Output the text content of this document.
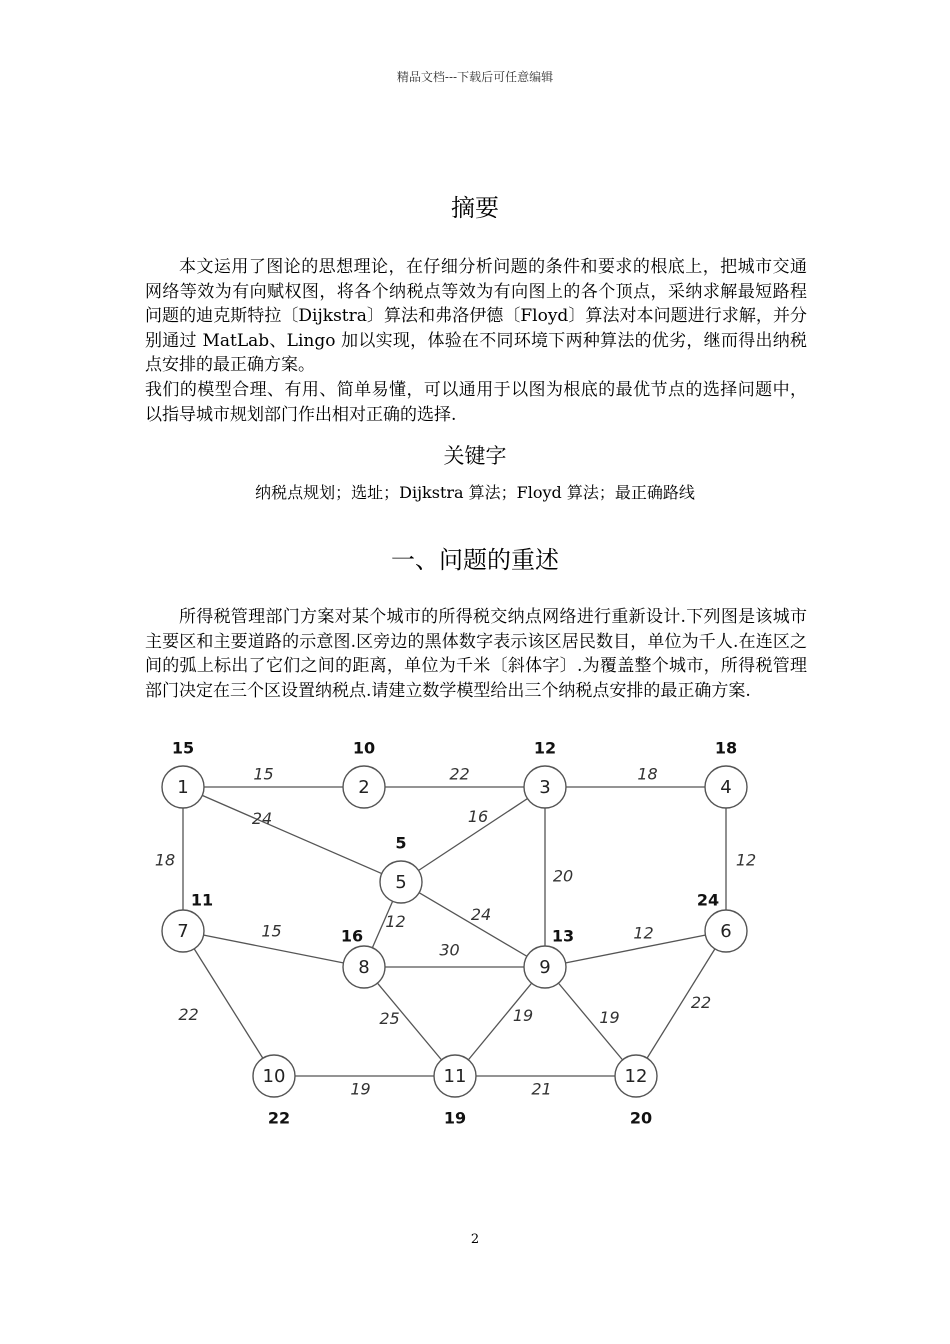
精品文档---下载后可任意编辑
摘要

本文运用了图论的思想理论，在仔细分析问题的条件和要求的根底上，把城市交通网络等效为有向赋权图，将各个纳税点等效为有向图上的各个顶点，采纳求解最短路程问题的迪克斯特拉〔Dijkstra〕算法和弗洛伊德〔Floyd〕算法对本问题进行求解，并分别通过 MatLab、Lingo 加以实现，体验在不同环境下两种算法的优劣，继而得出纳税点安排的最正确方案。

我们的模型合理、有用、简单易懂，可以通用于以图为根底的最优节点的选择问题中，以指导城市规划部门作出相对正确的选择.

关键字
纳税点规划；选址；Dijkstra 算法；Floyd 算法；最正确路线
一、问题的重述

所得税管理部门方案对某个城市的所得税交纳点网络进行重新设计.下列图是该城市主要区和主要道路的示意图.区旁边的黑体数字表示该区居民数目，单位为千人.在连区之间的弧上标出了它们之间的距离，单位为千米〔斜体字〕.为覆盖整个城市，所得税管理部门决定在三个区设置纳税点.请建立数学模型给出三个纳税点安排的最正确方案.

15	22	18
18
24	16
20
12
24
12
15
30
12
22	25	19	19
22
19	21
1
15
2
10
3
12
4
18
5
5
6
24
7
11
8
16
9
13
10
22
11
19
12
20
2
